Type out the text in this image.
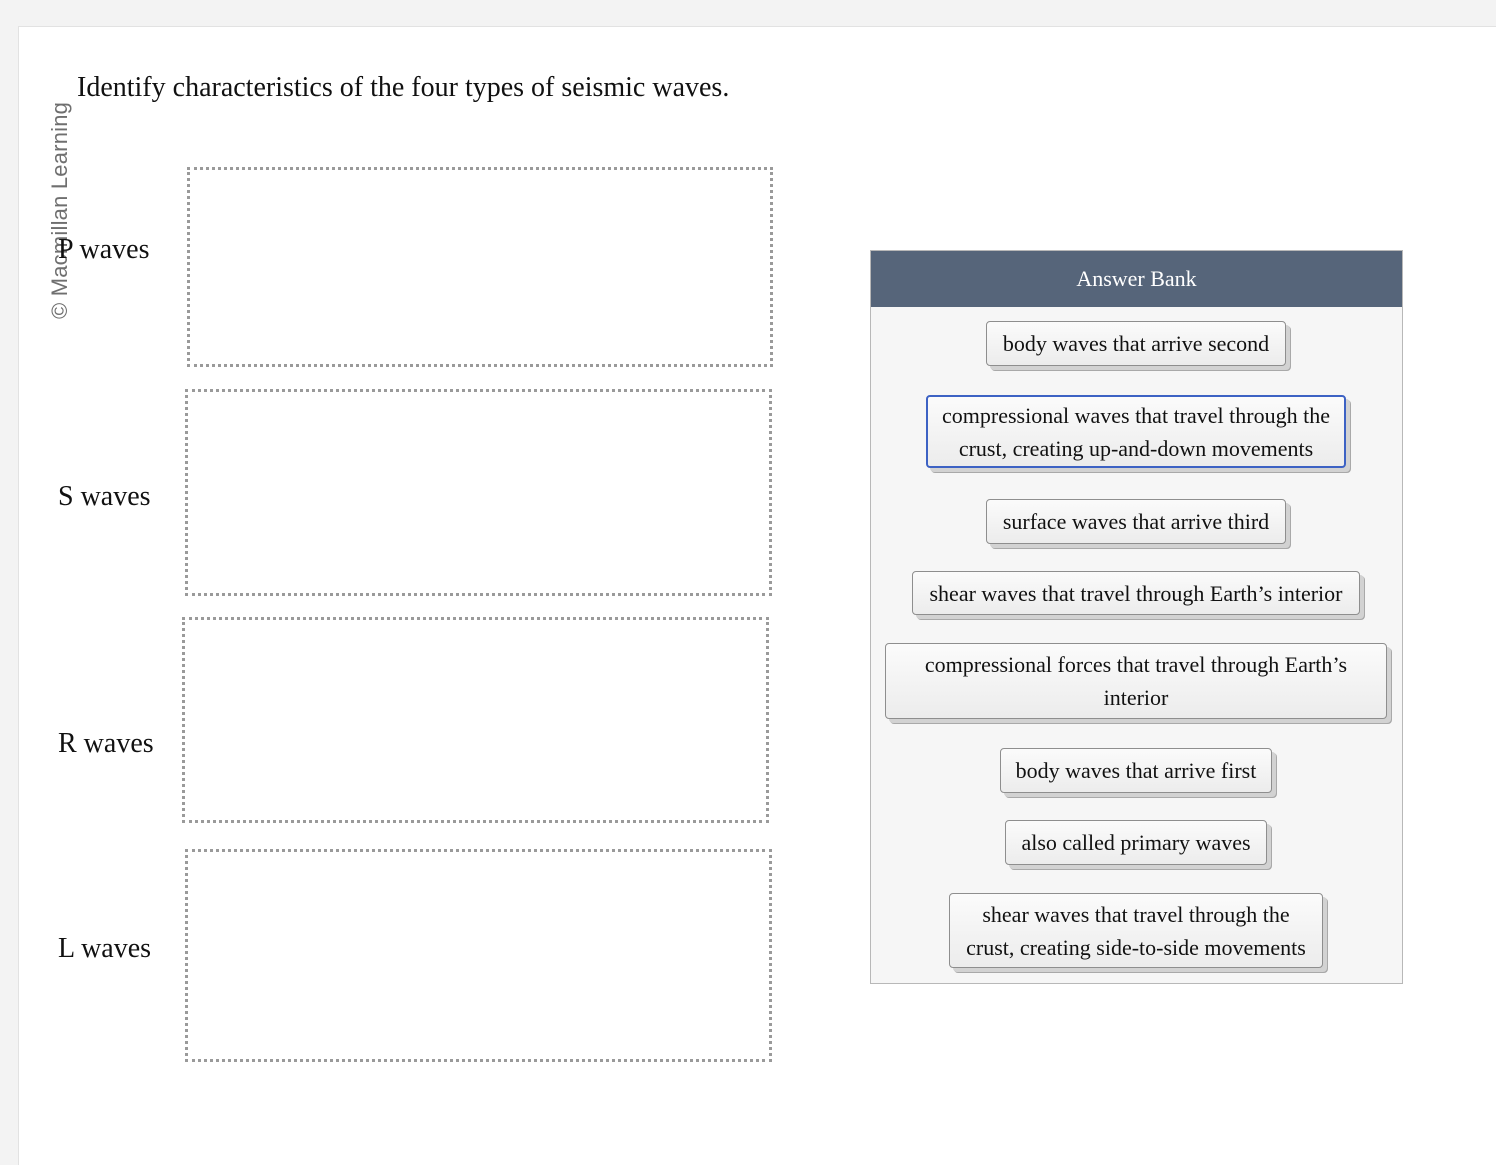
© Macmillan Learning
Identify characteristics of the four types of seismic waves.
P waves
S waves
R waves
L waves
Answer Bank
body waves that arrive second
compressional waves that travel through the crust, creating up-and-down movements
surface waves that arrive third
shear waves that travel through Earth’s interior
compressional forces that travel through Earth’s interior
body waves that arrive first
also called primary waves
shear waves that travel through the crust, creating side-to-side movements
